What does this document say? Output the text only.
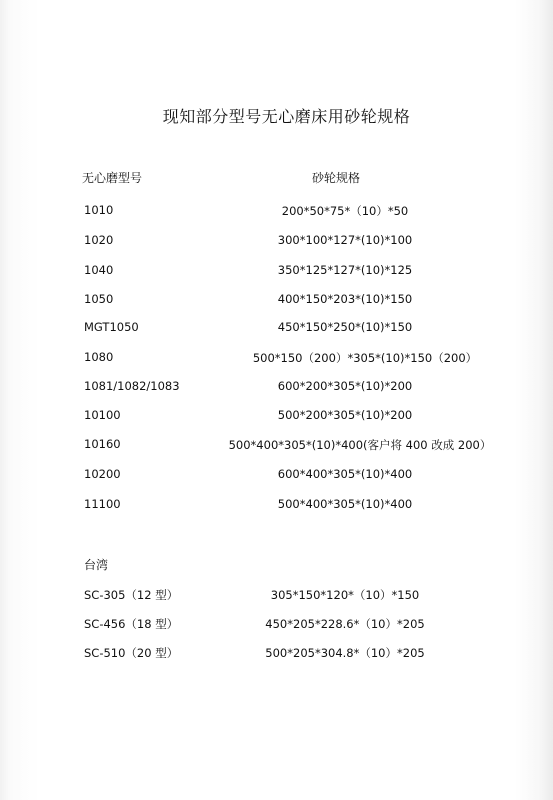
现知部分型号无心磨床用砂轮规格
无心磨型号	砂轮规格
1010	200*50*75*（10）*50
1020	300*100*127*(10)*100
1040	350*125*127*(10)*125
1050	400*150*203*(10)*150
MGT1050	450*150*250*(10)*150
1080	500*150（200）*305*(10)*150（200）
1081/1082/1083	600*200*305*(10)*200
10100	500*200*305*(10)*200
10160	500*400*305*(10)*400(客户将 400 改成 200）
10200	600*400*305*(10)*400
11100	500*400*305*(10)*400
台湾
SC-305（12 型）	305*150*120*（10）*150
SC-456（18 型）	450*205*228.6*（10）*205
SC-510（20 型）	500*205*304.8*（10）*205
